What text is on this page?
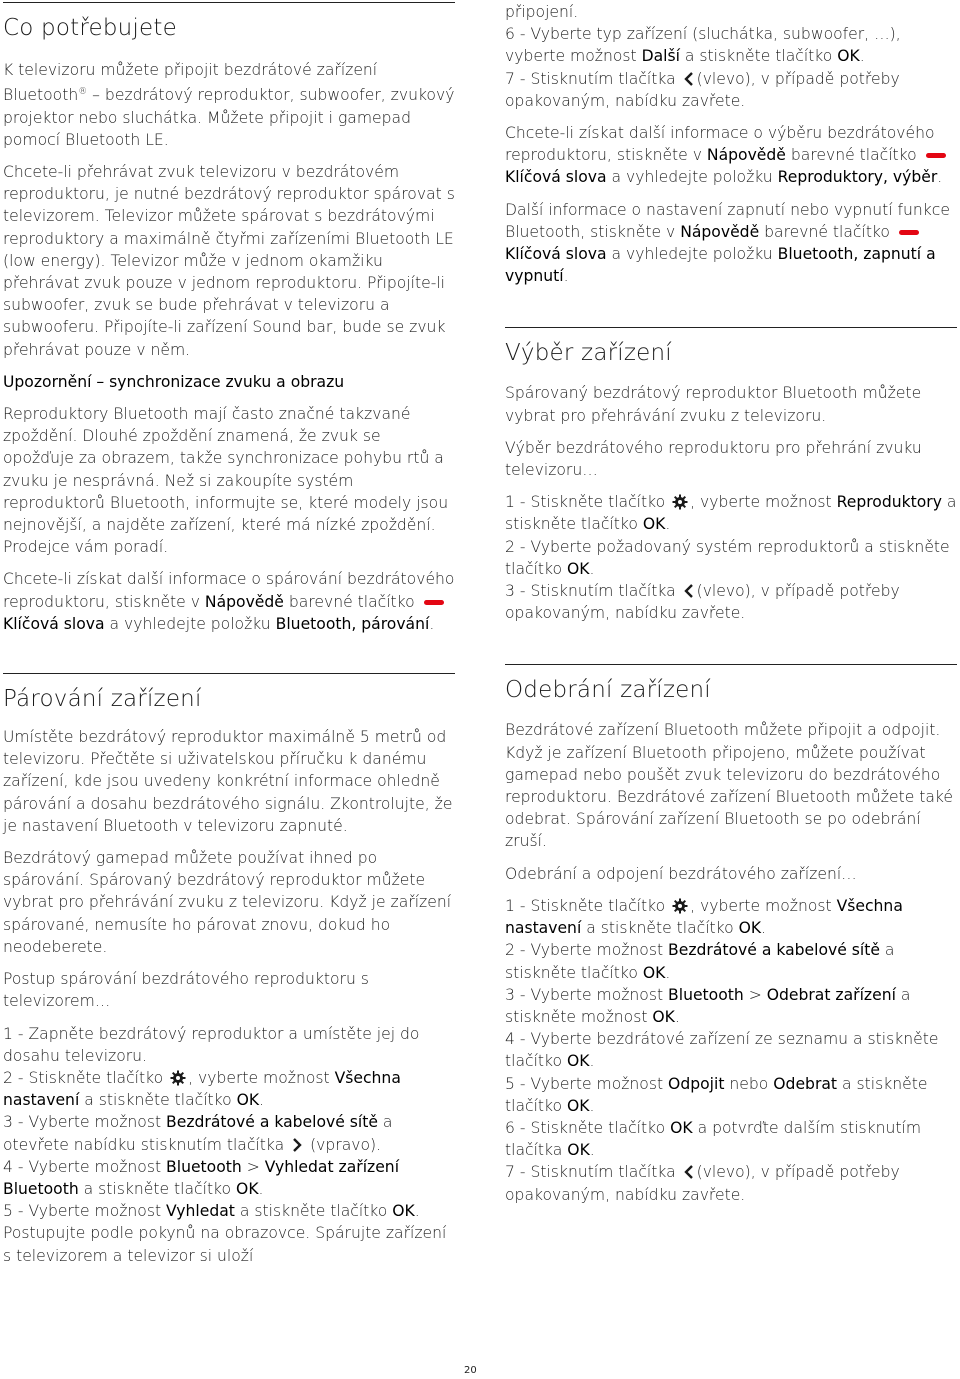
Co potřebujete

K televizoru můžete připojit bezdrátové zařízení Bluetooth® – bezdrátový reproduktor, subwoofer, zvukový projektor nebo sluchátka. Můžete připojit i gamepad pomocí Bluetooth LE.

Chcete-li přehrávat zvuk televizoru v bezdrátovém reproduktoru, je nutné bezdrátový reproduktor spárovat s televizorem. Televizor můžete spárovat s bezdrátovými reproduktory a maximálně čtyřmi zařízeními Bluetooth LE (low energy). Televizor může v jednom okamžiku přehrávat zvuk pouze v jednom reproduktoru. Připojíte-li subwoofer, zvuk se bude přehrávat v televizoru a subwooferu. Připojíte-li zařízení Sound bar, bude se zvuk přehrávat pouze v něm.

Upozornění – synchronizace zvuku a obrazu

Reproduktory Bluetooth mají často značné takzvané zpoždění. Dlouhé zpoždění znamená, že zvuk se opožďuje za obrazem, takže synchronizace pohybu rtů a zvuku je nesprávná. Než si zakoupíte systém reproduktorů Bluetooth, informujte se, které modely jsou nejnovější, a najděte zařízení, které má nízké zpoždění. Prodejce vám poradí.

Chcete-li získat další informace o spárování bezdrátového reproduktoru, stiskněte v Nápovědě barevné tlačítko Klíčová slova a vyhledejte položku Bluetooth, párování.

Párování zařízení

Umístěte bezdrátový reproduktor maximálně 5 metrů od televizoru. Přečtěte si uživatelskou příručku k danému zařízení, kde jsou uvedeny konkrétní informace ohledně párování a dosahu bezdrátového signálu. Zkontrolujte, že je nastavení Bluetooth v televizoru zapnuté.

Bezdrátový gamepad můžete používat ihned po spárování. Spárovaný bezdrátový reproduktor můžete vybrat pro přehrávání zvuku z televizoru. Když je zařízení spárované, nemusíte ho párovat znovu, dokud ho neodeberete.

Postup spárování bezdrátového reproduktoru s televizorem…

1 - Zapněte bezdrátový reproduktor a umístěte jej do dosahu televizoru.

2 - Stiskněte tlačítko , vyberte možnost Všechna nastavení a stiskněte tlačítko OK.

3 - Vyberte možnost Bezdrátové a kabelové sítě a otevřete nabídku stisknutím tlačítka  (vpravo).

4 - Vyberte možnost Bluetooth > Vyhledat zařízení Bluetooth a stiskněte tlačítko OK.

5 - Vyberte možnost Vyhledat a stiskněte tlačítko OK. Postupujte podle pokynů na obrazovce. Spárujte zařízení s televizorem a televizor si uloží

připojení.

6 - Vyberte typ zařízení (sluchátka, subwoofer, …), vyberte možnost Další a stiskněte tlačítko OK.

7 - Stisknutím tlačítka (vlevo), v případě potřeby opakovaným, nabídku zavřete.

Chcete-li získat další informace o výběru bezdrátového reproduktoru, stiskněte v Nápovědě barevné tlačítko Klíčová slova a vyhledejte položku Reproduktory, výběr.

Další informace o nastavení zapnutí nebo vypnutí funkce Bluetooth, stiskněte v Nápovědě barevné tlačítko Klíčová slova a vyhledejte položku Bluetooth, zapnutí a vypnutí.

Výběr zařízení

Spárovaný bezdrátový reproduktor Bluetooth můžete vybrat pro přehrávání zvuku z televizoru.

Výběr bezdrátového reproduktoru pro přehrání zvuku televizoru…

1 - Stiskněte tlačítko , vyberte možnost Reproduktory a stiskněte tlačítko OK.

2 - Vyberte požadovaný systém reproduktorů a stiskněte tlačítko OK.

3 - Stisknutím tlačítka (vlevo), v případě potřeby opakovaným, nabídku zavřete.

Odebrání zařízení

Bezdrátové zařízení Bluetooth můžete připojit a odpojit. Když je zařízení Bluetooth připojeno, můžete používat gamepad nebo poušět zvuk televizoru do bezdrátového reproduktoru. Bezdrátové zařízení Bluetooth můžete také odebrat. Spárování zařízení Bluetooth se po odebrání zruší.

Odebrání a odpojení bezdrátového zařízení…

1 - Stiskněte tlačítko , vyberte možnost Všechna nastavení a stiskněte tlačítko OK.

2 - Vyberte možnost Bezdrátové a kabelové sítě a stiskněte tlačítko OK.

3 - Vyberte možnost Bluetooth > Odebrat zařízení a stiskněte možnost OK.

4 - Vyberte bezdrátové zařízení ze seznamu a stiskněte tlačítko OK.

5 - Vyberte možnost Odpojit nebo Odebrat a stiskněte tlačítko OK.

6 - Stiskněte tlačítko OK a potvrďte dalším stisknutím tlačítka OK.

7 - Stisknutím tlačítka (vlevo), v případě potřeby opakovaným, nabídku zavřete.

20
